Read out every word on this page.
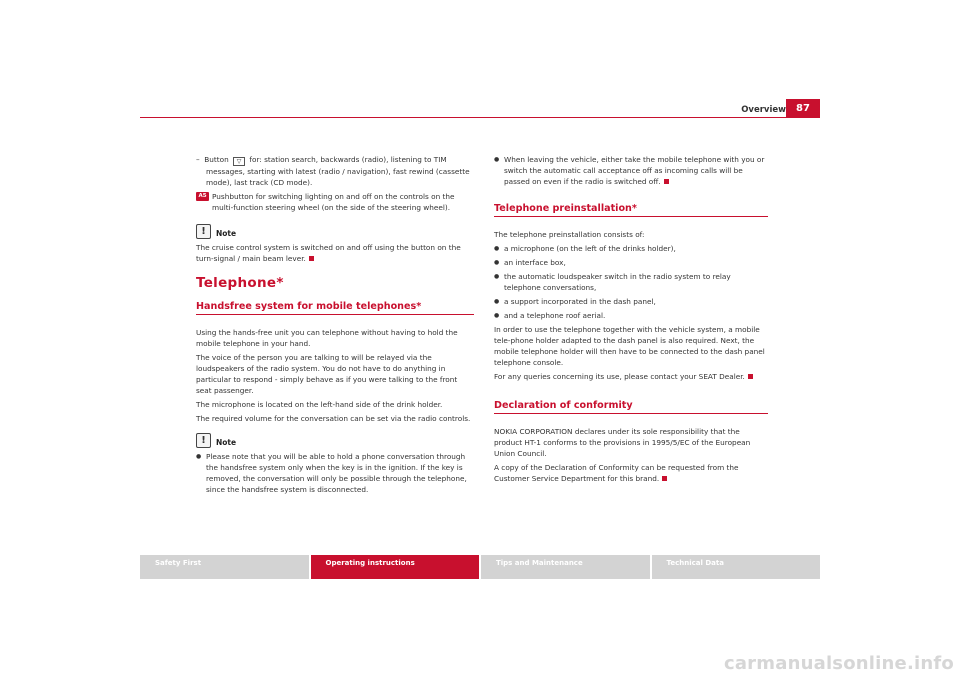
Overview	87
–  Button ▽ for: station search, backwards (radio), listening to TIM
messages, starting with latest (radio / navigation), fast rewind (cassette mode), last track (CD mode).
A5 Pushbutton for switching lighting on and off on the controls on the multi-function steering wheel (on the side of the steering wheel).
!	Note

The cruise control system is switched on and off using the button on the turn-signal / main beam lever.

Telephone*
Handsfree system for mobile telephones*

Using the hands-free unit you can telephone without having to hold the mobile telephone in your hand.

The voice of the person you are talking to will be relayed via the loudspeakers of the radio system. You do not have to do anything in particular to respond - simply behave as if you were talking to the front seat passenger.

The microphone is located on the left-hand side of the drink holder.

The required volume for the conversation can be set via the radio controls.

!	Note
● Please note that you will be able to hold a phone conversation through the handsfree system only when the key is in the ignition. If the key is removed, the conversation will only be possible through the telephone, since the handsfree system is disconnected.

● When leaving the vehicle, either take the mobile telephone with you or switch the automatic call acceptance off as incoming calls will be passed on even if the radio is switched off.

Telephone preinstallation*

The telephone preinstallation consists of:

● a microphone (on the left of the drinks holder),
● an interface box,
● the automatic loudspeaker switch in the radio system to relay telephone conversations,
● a support incorporated in the dash panel,
● and a telephone roof aerial.

In order to use the telephone together with the vehicle system, a mobile tele-phone holder adapted to the dash panel is also required. Next, the mobile telephone holder will then have to be connected to the dash panel telephone console.

For any queries concerning its use, please contact your SEAT Dealer.

Declaration of conformity

NOKIA CORPORATION declares under its sole responsibility that the product HT-1 conforms to the provisions in 1995/5/EC of the European Union Council.

A copy of the Declaration of Conformity can be requested from the Customer Service Department for this brand.

Safety First	Operating instructions	Tips and Maintenance	Technical Data
carmanualsonline.info
